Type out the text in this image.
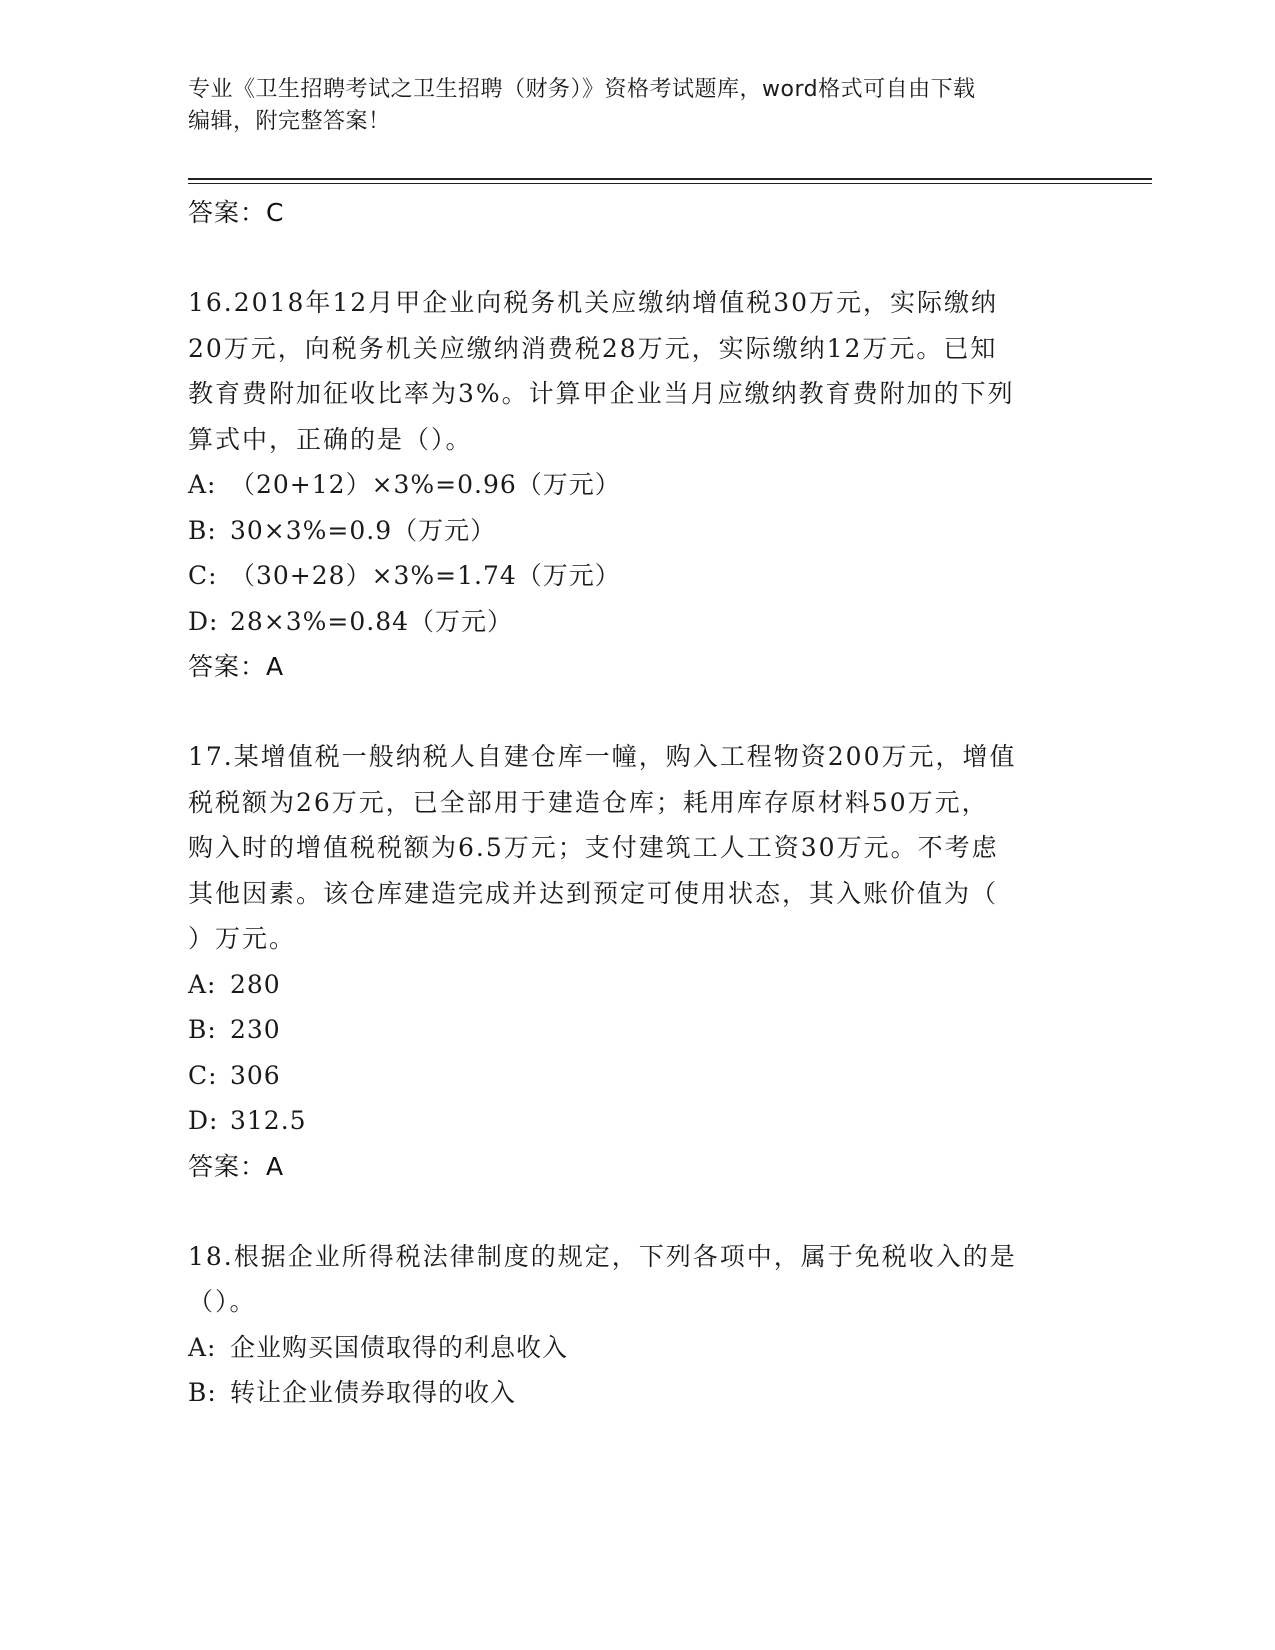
专业《卫生招聘考试之卫生招聘（财务）》资格考试题库，word格式可自由下载
编辑，附完整答案！

答案：C

16.2018年12月甲企业向税务机关应缴纳增值税30万元，实际缴纳

20万元，向税务机关应缴纳消费税28万元，实际缴纳12万元。已知

教育费附加征收比率为3%。计算甲企业当月应缴纳教育费附加的下列

算式中，正确的是（）。

A: （20+12）×3%=0.96（万元）

B: 30×3%=0.9（万元）

C: （30+28）×3%=1.74（万元）

D: 28×3%=0.84（万元）

答案：A

17.某增值税一般纳税人自建仓库一幢，购入工程物资200万元，增值

税税额为26万元，已全部用于建造仓库；耗用库存原材料50万元，

购入时的增值税税额为6.5万元；支付建筑工人工资30万元。不考虑

其他因素。该仓库建造完成并达到预定可使用状态，其入账价值为（

）万元。

A: 280

B: 230

C: 306

D: 312.5

答案：A

18.根据企业所得税法律制度的规定，下列各项中，属于免税收入的是

（）。

A: 企业购买国债取得的利息收入

B: 转让企业债券取得的收入
